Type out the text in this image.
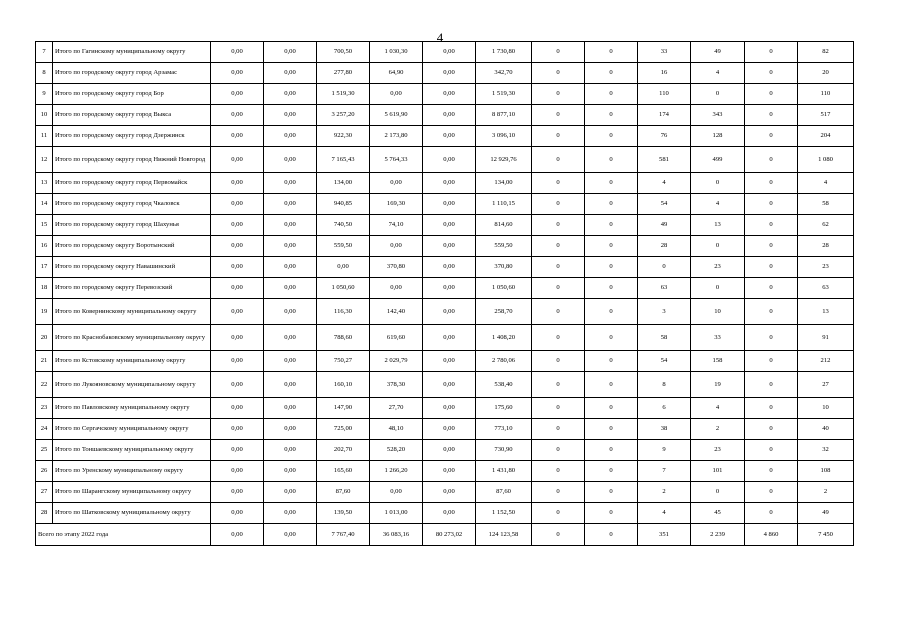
4
7	Итого по Гагинскому муниципальному округу	0,00	0,00	700,50	1 030,30	0,00	1 730,80	0	0	33	49	0	82
8	Итого по городскому округу город Арзамас	0,00	0,00	277,80	64,90	0,00	342,70	0	0	16	4	0	20
9	Итого по городскому округу город Бор	0,00	0,00	1 519,30	0,00	0,00	1 519,30	0	0	110	0	0	110
10	Итого по городскому округу город Выкса	0,00	0,00	3 257,20	5 619,90	0,00	8 877,10	0	0	174	343	0	517
11	Итого по городскому округу город Дзержинск	0,00	0,00	922,30	2 173,80	0,00	3 096,10	0	0	76	128	0	204
12	Итого по городскому округу город Нижний Новгород	0,00	0,00	7 165,43	5 764,33	0,00	12 929,76	0	0	581	499	0	1 080
13	Итого по городскому округу город Первомайск	0,00	0,00	134,00	0,00	0,00	134,00	0	0	4	0	0	4
14	Итого по городскому округу город Чкаловск	0,00	0,00	940,85	169,30	0,00	1 110,15	0	0	54	4	0	58
15	Итого по городскому округу город Шахунья	0,00	0,00	740,50	74,10	0,00	814,60	0	0	49	13	0	62
16	Итого по городскому округу Воротынский	0,00	0,00	559,50	0,00	0,00	559,50	0	0	28	0	0	28
17	Итого по городскому округу Навашинский	0,00	0,00	0,00	370,80	0,00	370,80	0	0	0	23	0	23
18	Итого по городскому округу Перевозский	0,00	0,00	1 050,60	0,00	0,00	1 050,60	0	0	63	0	0	63
19	Итого по Ковернинскому муниципальному округу	0,00	0,00	116,30	142,40	0,00	258,70	0	0	3	10	0	13
20	Итого по Краснобаковскому муниципальному округу	0,00	0,00	788,60	619,60	0,00	1 408,20	0	0	58	33	0	91
21	Итого по Кстовскому муниципальному округу	0,00	0,00	750,27	2 029,79	0,00	2 780,06	0	0	54	158	0	212
22	Итого по Лукояновскому муниципальному округу	0,00	0,00	160,10	378,30	0,00	538,40	0	0	8	19	0	27
23	Итого по Павловскому муниципальному округу	0,00	0,00	147,90	27,70	0,00	175,60	0	0	6	4	0	10
24	Итого по Сергачскому муниципальному округу	0,00	0,00	725,00	48,10	0,00	773,10	0	0	38	2	0	40
25	Итого по Тоншаевскому муниципальному округу	0,00	0,00	202,70	528,20	0,00	730,90	0	0	9	23	0	32
26	Итого по Уренскому муниципальному округу	0,00	0,00	165,60	1 266,20	0,00	1 431,80	0	0	7	101	0	108
27	Итого по Шарангскому муниципальному округу	0,00	0,00	87,60	0,00	0,00	87,60	0	0	2	0	0	2
28	Итого по Шатковскому муниципальному округу	0,00	0,00	139,50	1 013,00	0,00	1 152,50	0	0	4	45	0	49
Всего по этапу 2022 года		0,00	0,00	7 767,40	36 083,16	80 273,02	124 123,58	0	0	351	2 239	4 860	7 450
